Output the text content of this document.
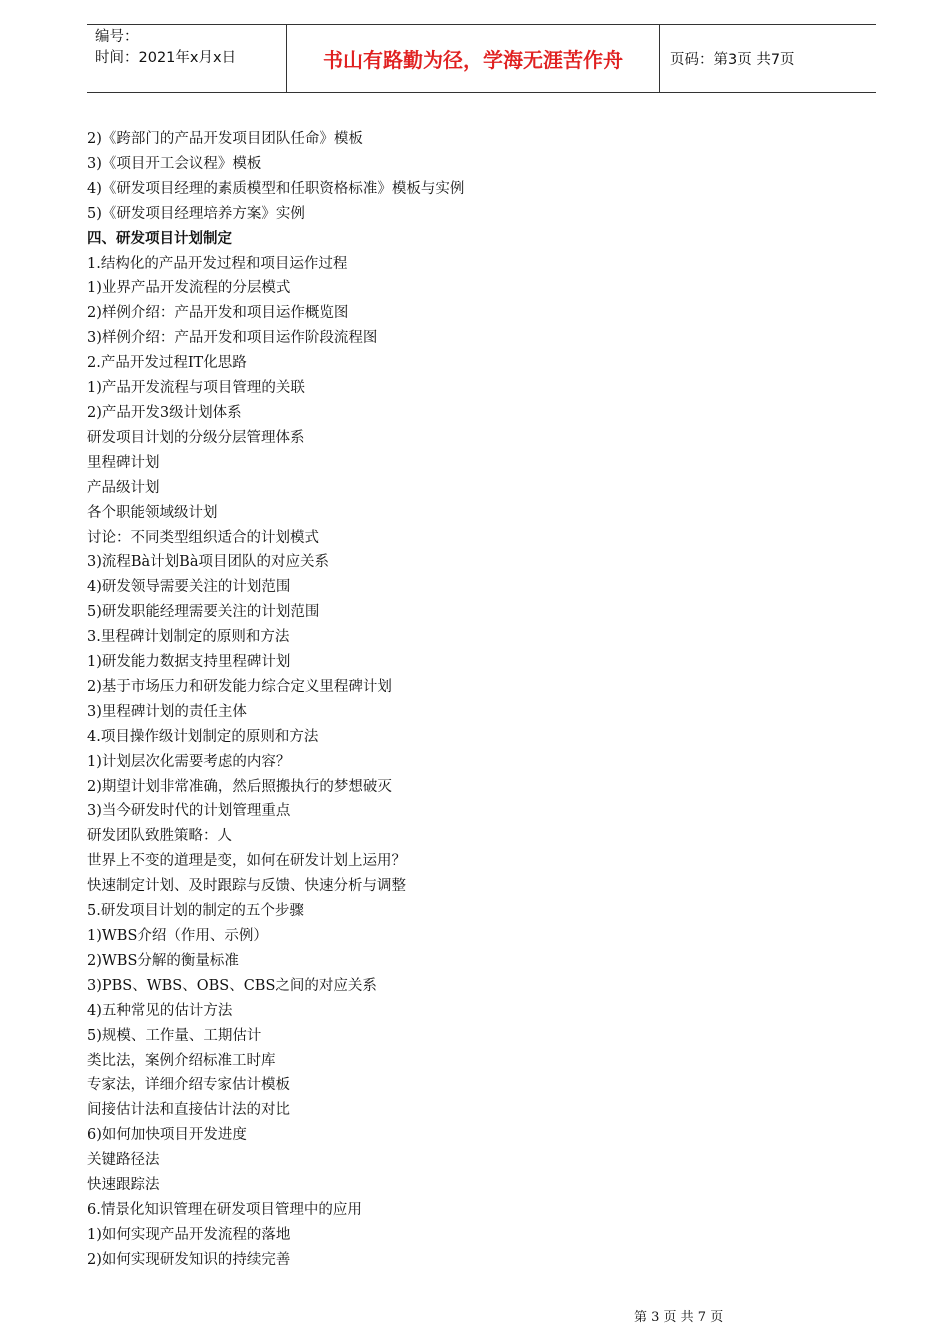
编号：
时间：2021年x月x日	书山有路勤为径，学海无涯苦作舟	页码：第3页 共7页
2)《跨部门的产品开发项目团队任命》模板
3)《项目开工会议程》模板
4)《研发项目经理的素质模型和任职资格标准》模板与实例
5)《研发项目经理培养方案》实例
四、研发项目计划制定
1.结构化的产品开发过程和项目运作过程
1)业界产品开发流程的分层模式
2)样例介绍：产品开发和项目运作概览图
3)样例介绍：产品开发和项目运作阶段流程图
2.产品开发过程IT化思路
1)产品开发流程与项目管理的关联
2)产品开发3级计划体系
研发项目计划的分级分层管理体系
里程碑计划
产品级计划
各个职能领域级计划
讨论：不同类型组织适合的计划模式
3)流程Bà计划Bà项目团队的对应关系
4)研发领导需要关注的计划范围
5)研发职能经理需要关注的计划范围
3.里程碑计划制定的原则和方法
1)研发能力数据支持里程碑计划
2)基于市场压力和研发能力综合定义里程碑计划
3)里程碑计划的责任主体
4.项目操作级计划制定的原则和方法
1)计划层次化需要考虑的内容？
2)期望计划非常准确，然后照搬执行的梦想破灭
3)当今研发时代的计划管理重点
研发团队致胜策略：人
世界上不变的道理是变，如何在研发计划上运用？
快速制定计划、及时跟踪与反馈、快速分析与调整
5.研发项目计划的制定的五个步骤
1)WBS介绍（作用、示例）
2)WBS分解的衡量标准
3)PBS、WBS、OBS、CBS之间的对应关系
4)五种常见的估计方法
5)规模、工作量、工期估计
类比法，案例介绍标准工时库
专家法，详细介绍专家估计模板
间接估计法和直接估计法的对比
6)如何加快项目开发进度
关键路径法
快速跟踪法
6.情景化知识管理在研发项目管理中的应用
1)如何实现产品开发流程的落地
2)如何实现研发知识的持续完善
第 3 页 共 7 页
